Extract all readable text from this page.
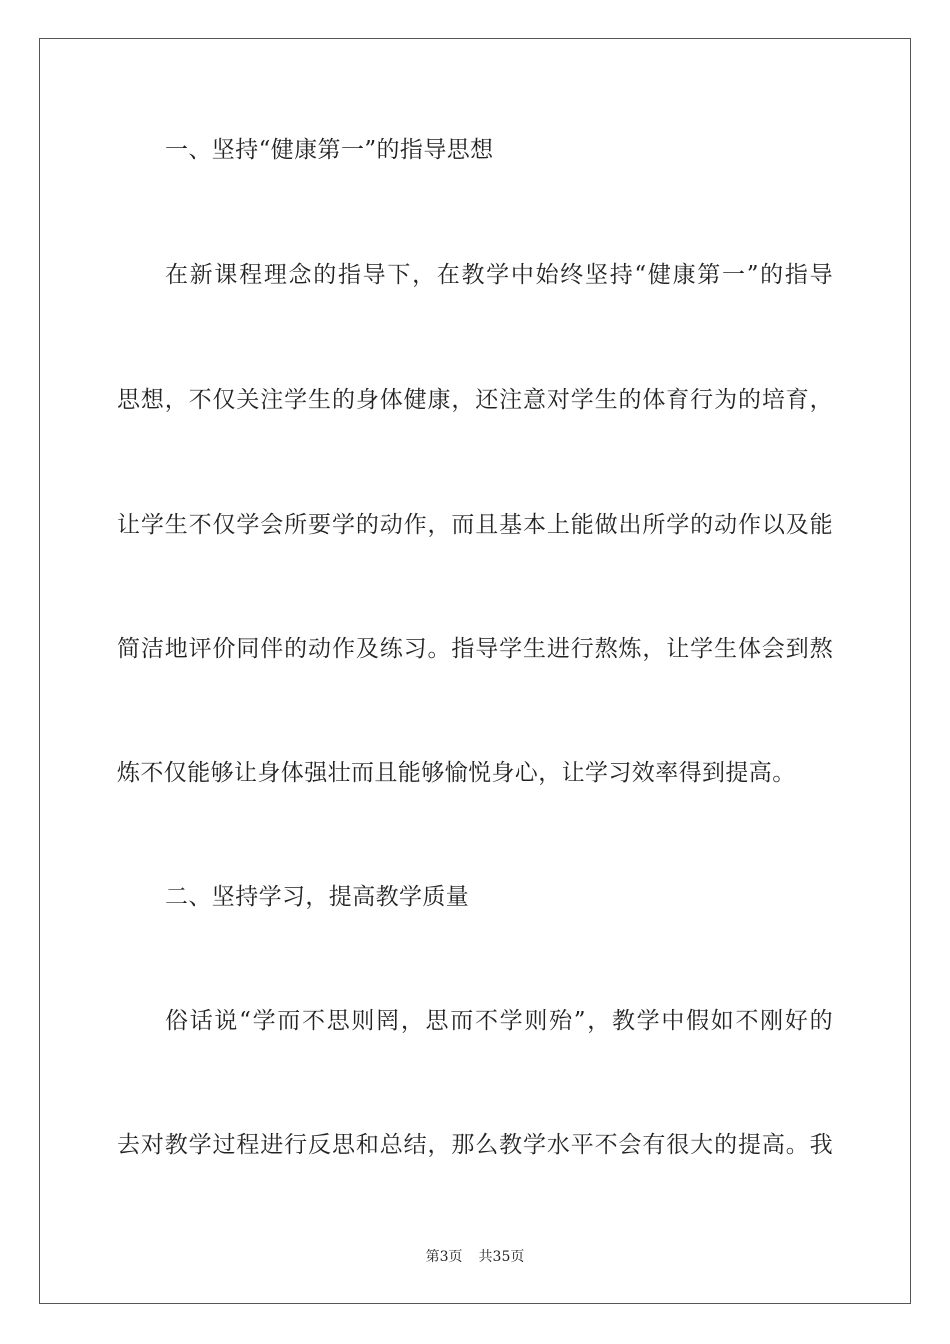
一、坚持“健康第一”的指导思想
在新课程理念的指导下，在教学中始终坚持“健康第一”的指导
思想，不仅关注学生的身体健康，还注意对学生的体育行为的培育，
让学生不仅学会所要学的动作，而且基本上能做出所学的动作以及能
简洁地评价同伴的动作及练习。指导学生进行熬炼，让学生体会到熬
炼不仅能够让身体强壮而且能够愉悦身心，让学习效率得到提高。
二、坚持学习，提高教学质量
俗话说“学而不思则罔，思而不学则殆”，教学中假如不刚好的
去对教学过程进行反思和总结，那么教学水平不会有很大的提高。我
第3页 共35页
